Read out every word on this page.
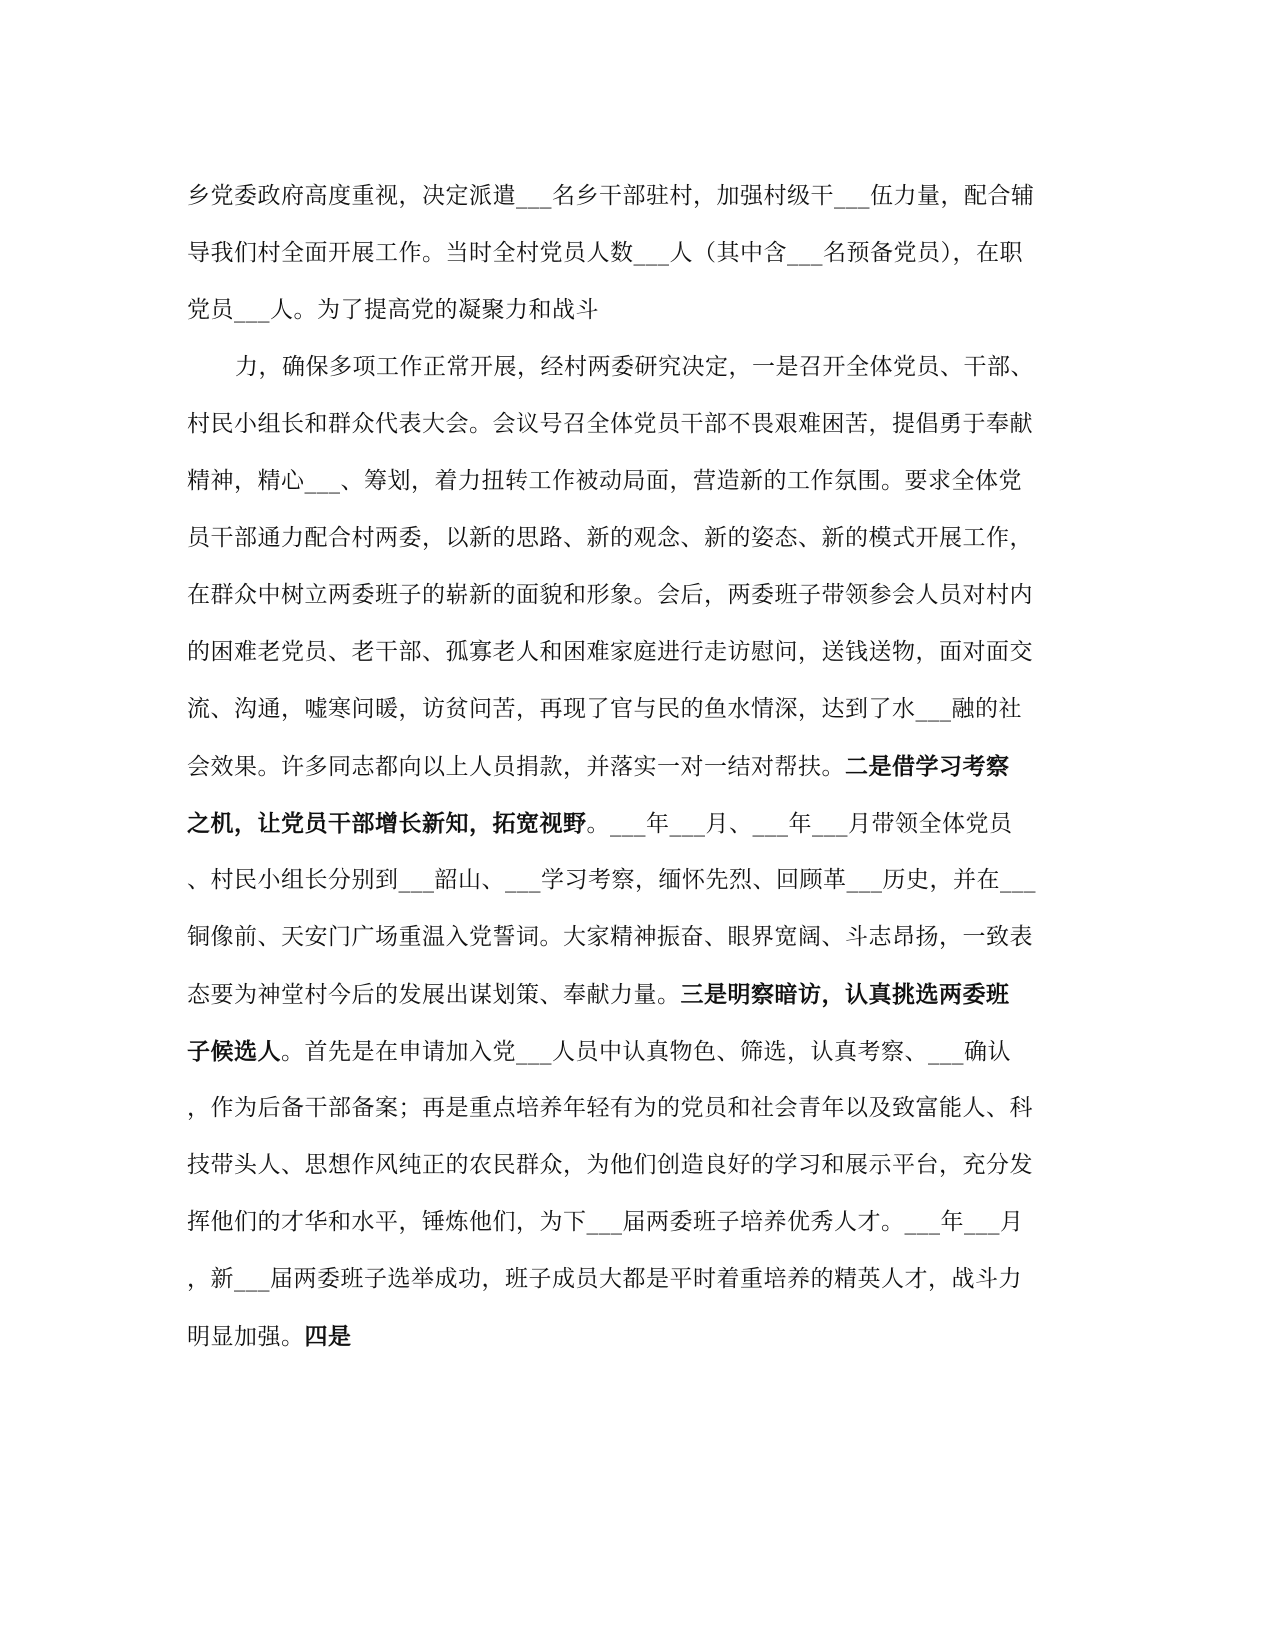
乡党委政府高度重视，决定派遣___名乡干部驻村，加强村级干___伍力量，配合辅
导我们村全面开展工作。当时全村党员人数___人（其中含___名预备党员），在职
党员___人。为了提高党的凝聚力和战斗
力，确保多项工作正常开展，经村两委研究决定，一是召开全体党员、干部、
村民小组长和群众代表大会。会议号召全体党员干部不畏艰难困苦，提倡勇于奉献
精神，精心___、筹划，着力扭转工作被动局面，营造新的工作氛围。要求全体党
员干部通力配合村两委，以新的思路、新的观念、新的姿态、新的模式开展工作，
在群众中树立两委班子的崭新的面貌和形象。会后，两委班子带领参会人员对村内
的困难老党员、老干部、孤寡老人和困难家庭进行走访慰问，送钱送物，面对面交
流、沟通，嘘寒问暖，访贫问苦，再现了官与民的鱼水情深，达到了水___融的社
会效果。许多同志都向以上人员捐款，并落实一对一结对帮扶。二是借学习考察
之机，让党员干部增长新知，拓宽视野。___年___月、___年___月带领全体党员
、村民小组长分别到___韶山、___学习考察，缅怀先烈、回顾革___历史，并在___
铜像前、天安门广场重温入党誓词。大家精神振奋、眼界宽阔、斗志昂扬，一致表
态要为神堂村今后的发展出谋划策、奉献力量。三是明察暗访，认真挑选两委班
子候选人。首先是在申请加入党___人员中认真物色、筛选，认真考察、___确认
，作为后备干部备案；再是重点培养年轻有为的党员和社会青年以及致富能人、科
技带头人、思想作风纯正的农民群众，为他们创造良好的学习和展示平台，充分发
挥他们的才华和水平，锤炼他们，为下___届两委班子培养优秀人才。___年___月
，新___届两委班子选举成功，班子成员大都是平时着重培养的精英人才，战斗力
明显加强。四是
